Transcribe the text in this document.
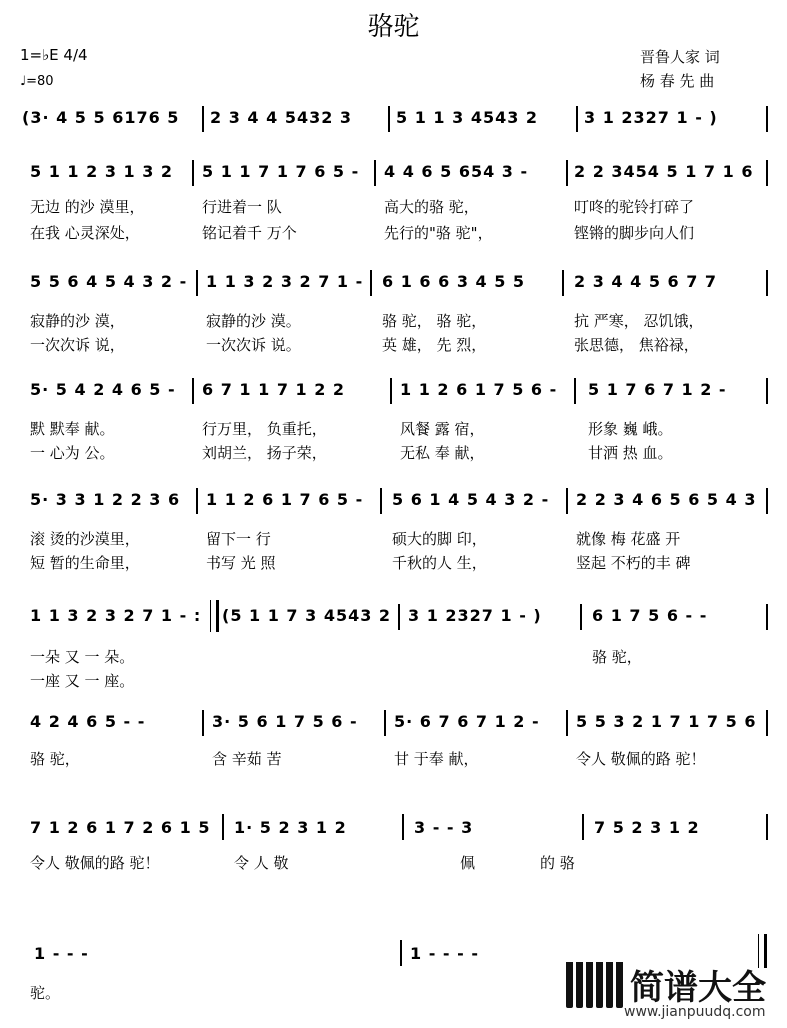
骆驼
1=♭E 4/4
♩=80
晋鲁人家 词
杨 春 先 曲
(3· 4 5 5 6176 5 2 3 4 4 5432 3	5 1 1 3 4543 2	3 1 2327 1 - )
5 1 1 2 3 1 3 2 5 1 1 7 1 7 6 5 - 4 4 6 5 654 3 -	2 2 3454 5 1 7 1 6
无边 的沙 漠里，	行进着一 队	高大的骆 驼，	叮咚的驼铃打碎了
在我 心灵深处，	铭记着千 万个	先行的"骆 驼"，	铿锵的脚步向人们
5 5 6 4 5 4 3 2 - 1 1 3 2 3 2 7 1 - 6 1 6 6 3 4 5 5	2 3 4 4 5 6 7 7
寂静的沙 漠，	寂静的沙 漠。	骆 驼， 骆 驼，	抗 严寒， 忍饥饿，
一次次诉 说，	一次次诉 说。	英 雄， 先 烈，	张思德， 焦裕禄，
5· 5 4 2 4 6 5 - 6 7 1 1 7 1 2 2	1 1 2 6 1 7 5 6 - 5 1 7 6 7 1 2 -
默 默奉 献。	行万里， 负重托，	风餐 露 宿，	形象 巍 峨。
一 心为 公。	刘胡兰， 扬子荣，	无私 奉 献，	甘洒 热 血。
5· 3 3 1 2 2 3 6 1 1 2 6 1 7 6 5 - 5 6 1 4 5 4 3 2 - 2 2 3 4 6 5 6 5 4 3
滚 烫的沙漠里，	留下一 行	硕大的脚 印，	就像 梅 花盛 开
短 暂的生命里，	书写 光 照	千秋的人 生，	竖起 不朽的丰 碑
1 1 3 2 3 2 7 1 - : (5 1 1 7 3 4543 2 3 1 2327 1 - )	6 1 7 5 6 - -
一朵 又 一 朵。	骆 驼，
一座 又 一 座。
4 2 4 6 5 - -	3· 5 6 1 7 5 6 - 5· 6 7 6 7 1 2 - 5 5 3 2 1 7 1 7 5 6
骆 驼，	含 辛茹 苦	甘 于奉 献，	令人 敬佩的路 驼！
7 1 2 6 1 7 2 6 1 5 1· 5 2 3 1 2	3 - - 3	7 5 2 3 1 2
令人 敬佩的路 驼！	令 人 敬	佩	的 骆
1 - - -	1 - - - -
驼。	简谱大全
www.jianpuudq.com
